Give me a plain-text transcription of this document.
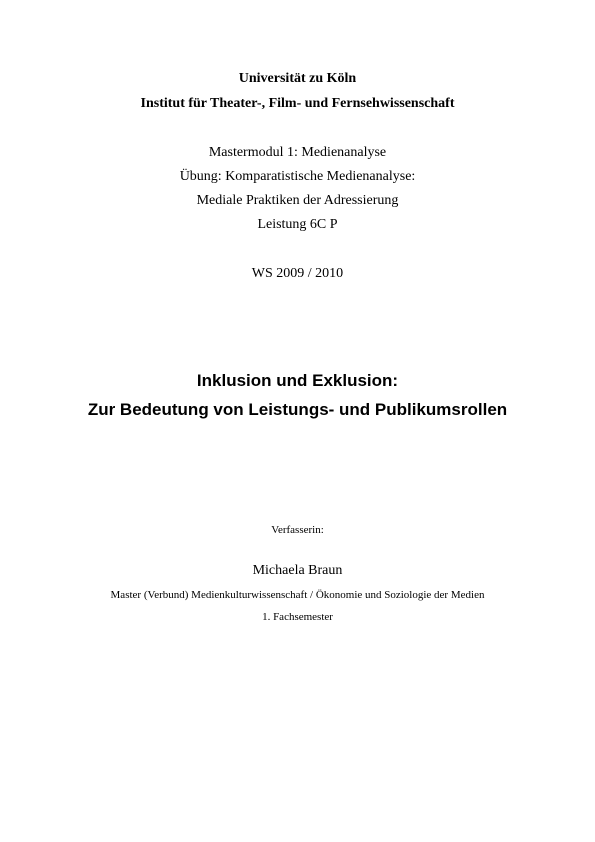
Universität zu Köln
Institut für Theater-, Film- und Fernsehwissenschaft
Mastermodul 1: Medienanalyse
Übung: Komparatistische Medienanalyse:
Mediale Praktiken der Adressierung
Leistung 6C P
WS 2009 / 2010
Inklusion und Exklusion:
Zur Bedeutung von Leistungs- und Publikumsrollen
Verfasserin:
Michaela Braun
Master (Verbund) Medienkulturwissenschaft / Ökonomie und Soziologie der Medien
1. Fachsemester
